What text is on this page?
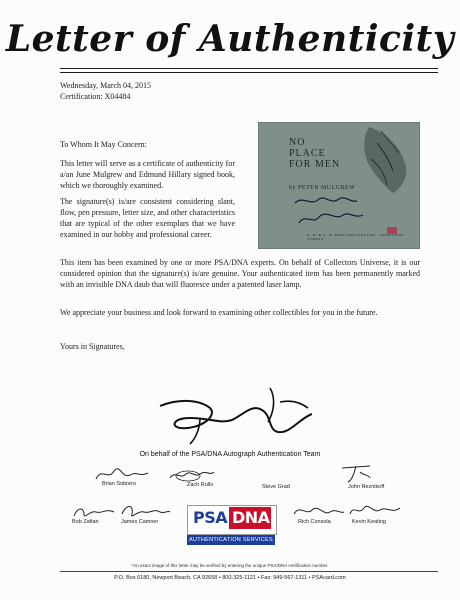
Letter of Authenticity
Wednesday, March 04, 2015
Certification: X04484
To Whom It May Concern:
This letter will serve as a certificate of authenticity for a/an June Mulgrew and Edmund Hillary signed book, which we thoroughly examined.
The signature(s) is/are consistent considering slant, flow, pen pressure, letter size, and other characteristics that are typical of the other exemplars that we have examined in our hobby and professional career.
This item has been examined by one or more PSA/DNA experts. On behalf of Collectors Universe, it is our considered opinion that the signature(s) is/are genuine. Your authenticated item has been permanently marked with an invisible DNA daub that will fluoresce under a patented laser lamp.
We appreciate your business and look forward to examining other collectibles for you in the future.
Yours in Signatures,
NO
PLACE
FOR MEN
by PETER MULGREW
A. H. & A. W. REED WELLINGTON · AUCKLAND · SYDNEY
On behalf of the PSA/DNA Autograph Authentication Team
Brian Sobrero	Zach Rullo	Steve Grad	John Reznikoff
Bob Zafian	James Camner	Rich Consola	Kevin Keating
PSA DNA
AUTHENTICATION SERVICES
*An exact image of this letter may be verified by entering the unique PSA/DNA certification number.
P.O. Box 6180, Newport Beach, CA 92658 • 800-325-1121 • Fax: 949-567-1311 • PSAcard.com
